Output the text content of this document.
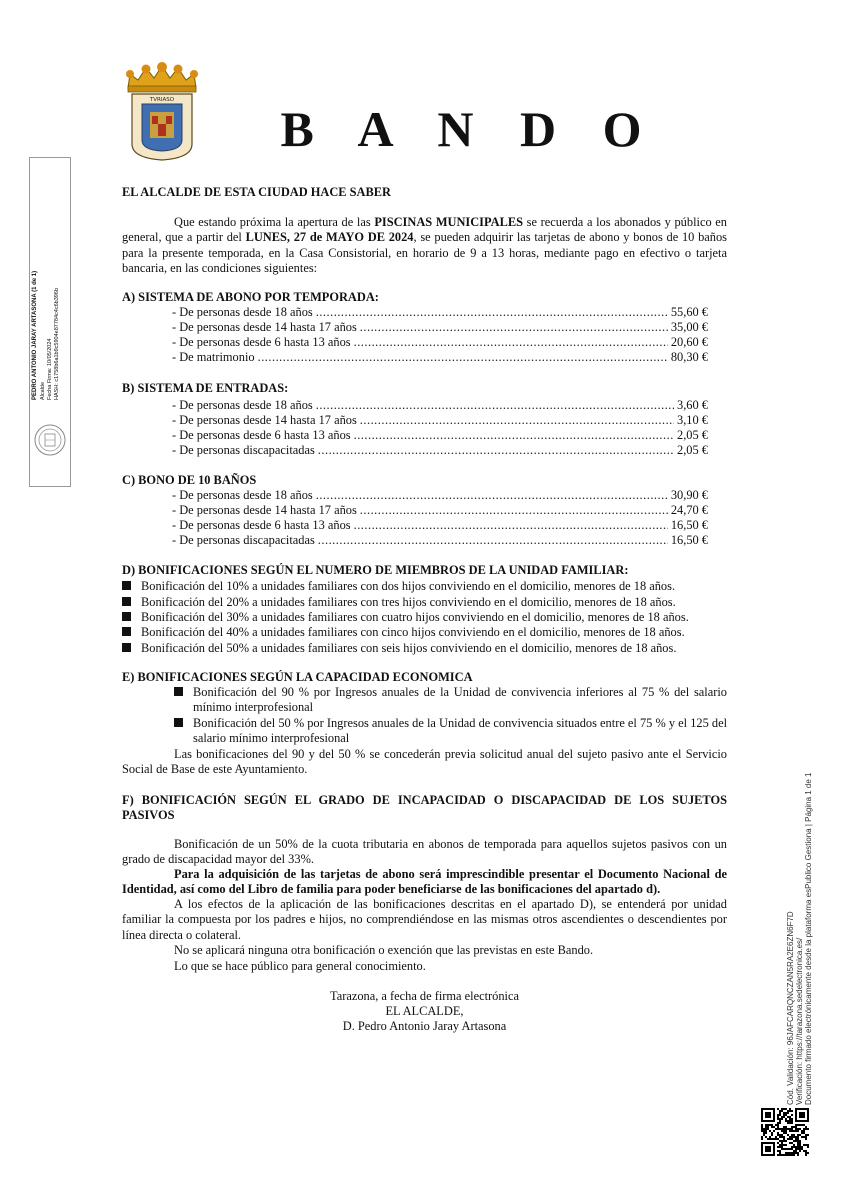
TVRIASO
B A N D O
EL ALCALDE DE ESTA CIUDAD HACE SABER
Que estando próxima la apertura de las PISCINAS MUNICIPALES se recuerda a los abonados y público en general, que a partir del LUNES, 27 de MAYO DE 2024, se pueden adquirir las tarjetas de abono y bonos de 10 baños para la presente temporada, en la Casa Consistorial, en horario de 9 a 13 horas, mediante pago en efectivo o tarjeta bancaria, en las condiciones siguientes:
A) SISTEMA DE ABONO POR TEMPORADA:
- De personas desde 18 años .....	55,60 €
- De personas desde 14 hasta 17 años .....	35,00 €
- De personas desde 6 hasta 13 años .....	20,60 €
- De matrimonio .....	80,30 €
B) SISTEMA DE ENTRADAS:
- De personas desde 18 años .....	3,60 €
- De personas desde 14 hasta 17 años .....	3,10 €
- De personas desde 6 hasta 13 años .....	2,05 €
- De personas discapacitadas .....	2,05 €
C) BONO DE 10 BAÑOS
- De personas desde 18 años .....	30,90 €
- De personas desde 14 hasta 17 años .....	24,70 €
- De personas desde 6 hasta 13 años .....	16,50 €
- De personas discapacitadas .....	16,50 €
D) BONIFICACIONES SEGÚN EL NUMERO DE MIEMBROS DE LA UNIDAD FAMILIAR:
Bonificación del 10% a unidades familiares con dos hijos conviviendo en el domicilio, menores de 18 años.
Bonificación del 20% a unidades familiares con tres hijos conviviendo en el domicilio, menores de 18 años.
Bonificación del 30% a unidades familiares con cuatro hijos conviviendo en el domicilio, menores de 18 años.
Bonificación del 40% a unidades familiares con cinco hijos conviviendo en el domicilio, menores de 18 años.
Bonificación del 50% a unidades familiares con seis hijos conviviendo en el domicilio, menores de 18 años.
E) BONIFICACIONES SEGÚN LA CAPACIDAD ECONOMICA
Bonificación del 90 % por Ingresos anuales de la Unidad de convivencia inferiores al 75 % del salario mínimo interprofesional
Bonificación del 50 % por Ingresos anuales de la Unidad de convivencia situados entre el 75 % y el 125 del salario mínimo interprofesional
Las bonificaciones del 90 y del 50 % se concederán previa solicitud anual del sujeto pasivo ante el Servicio Social de Base de este Ayuntamiento.
F) BONIFICACIÓN SEGÚN EL GRADO DE INCAPACIDAD O DISCAPACIDAD DE LOS SUJETOS PASIVOS
Bonificación de un 50% de la cuota tributaria en abonos de temporada para aquellos sujetos pasivos con un grado de discapacidad mayor del 33%.
Para la adquisición de las tarjetas de abono será imprescindible presentar el Documento Nacional de Identidad, así como del Libro de familia para poder beneficiarse de las bonificaciones del apartado d).
A los efectos de la aplicación de las bonificaciones descritas en el apartado D), se entenderá por unidad familiar la compuesta por los padres e hijos, no comprendiéndose en las mismas otros ascendientes o descendientes por línea directa o colateral.
No se aplicará ninguna otra bonificación o exención que las previstas en este Bando.
Lo que se hace público para general conocimiento.
Tarazona, a fecha de firma electrónica
EL ALCALDE,
D. Pedro Antonio Jaray Artasona
PEDRO ANTONIO JARAY ARTASONA (1 de 1) Alcalde Fecha Firma: 10/05/2024 HASH: c1758b6a1b9c5904e87784c4c6b396b
Cód. Validación: 96JAFCARQNCZAN5RA2E6ZN6F7D Verificación: https://tarazona.sedelectronica.es/ Documento firmado electrónicamente desde la plataforma esPublico Gestiona | Página 1 de 1
